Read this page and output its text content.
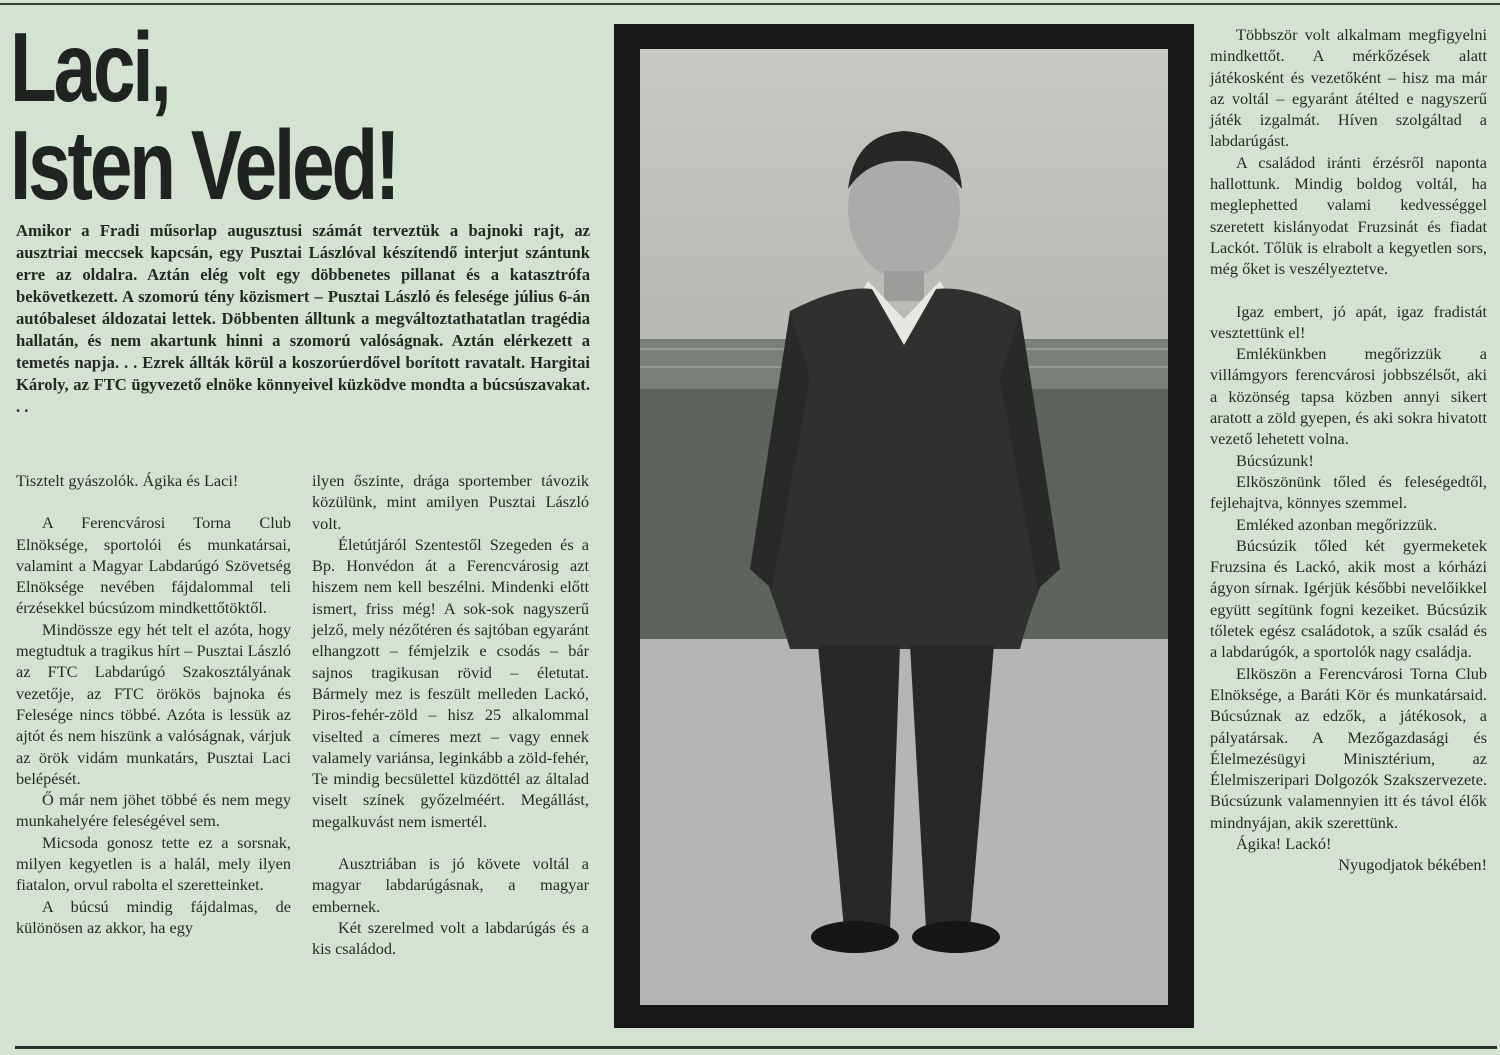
Laci,
Isten Veled!
Amikor a Fradi műsorlap augusztusi számát terveztük a bajnoki rajt, az ausztriai meccsek kapcsán, egy Pusztai Lászlóval készítendő interjut szántunk erre az oldalra. Aztán elég volt egy döbbenetes pillanat és a katasztrófa bekövetkezett. A szomorú tény közismert – Pusztai László és felesége július 6-án autóbaleset áldozatai lettek. Döbbenten álltunk a megváltoztathatatlan tragédia hallatán, és nem akartunk hinni a szomorú valóságnak. Aztán elérkezett a temetés napja. . . Ezrek állták körül a koszorúerdővel borított ravatalt. Hargitai Károly, az FTC ügyvezető elnöke könnyeivel küzködve mondta a búcsúszavakat. . .

Tisztelt gyászolók. Ágika és Laci!

A Ferencvárosi Torna Club Elnöksége, sportolói és munkatársai, valamint a Magyar Labdarúgó Szövetség Elnöksége nevében fájdalommal teli érzésekkel búcsúzom mindkettőtöktől.

Mindössze egy hét telt el azóta, hogy megtudtuk a tragikus hírt – Pusztai László az FTC Labdarúgó Szakosztályának vezetője, az FTC örökös bajnoka és Felesége nincs többé. Azóta is lessük az ajtót és nem hiszünk a valóságnak, várjuk az örök vidám munkatárs, Pusztai Laci belépését.

Ő már nem jöhet többé és nem megy munkahelyére feleségével sem.

Micsoda gonosz tette ez a sorsnak, milyen kegyetlen is a halál, mely ilyen fiatalon, orvul rabolta el szeretteinket.

A búcsú mindig fájdalmas, de különösen az akkor, ha egy

ilyen őszinte, drága sportember távozik közülünk, mint amilyen Pusztai László volt.

Életútjáról Szentestől Szegeden és a Bp. Honvédon át a Ferencvárosig azt hiszem nem kell beszélni. Mindenki előtt ismert, friss még! A sok-sok nagyszerű jelző, mely nézőtéren és sajtóban egyaránt elhangzott – fémjelzik e csodás – bár sajnos tragikusan rövid – életutat. Bármely mez is feszült melleden Lackó, Piros-fehér-zöld – hisz 25 alkalommal viselted a címeres mezt – vagy ennek valamely variánsa, leginkább a zöld-fehér, Te mindig becsülettel küzdöttél az általad viselt színek győzelméért. Megállást, megalkuvást nem ismertél.

Ausztriában is jó követe voltál a magyar labdarúgásnak, a magyar embernek.

Két szerelmed volt a labdarúgás és a kis családod.

Többször volt alkalmam megfigyelni mindkettőt. A mérkőzések alatt játékosként és vezetőként – hisz ma már az voltál – egyaránt átélted e nagyszerű játék izgalmát. Híven szolgáltad a labdarúgást.

A családod iránti érzésről naponta hallottunk. Mindig boldog voltál, ha meglephetted valami kedvességgel szeretett kislányodat Fruzsinát és fiadat Lackót. Tőlük is elrabolt a kegyetlen sors, még őket is veszélyeztetve.

Igaz embert, jó apát, igaz fradistát vesztettünk el!

Emlékünkben megőrizzük a villámgyors ferencvárosi jobbszélsőt, aki a közönség tapsa közben annyi sikert aratott a zöld gyepen, és aki sokra hivatott vezető lehetett volna.

Búcsúzunk!

Elköszönünk tőled és feleségedtől, fejlehajtva, könnyes szemmel.

Emléked azonban megőrizzük.

Búcsúzik tőled két gyermeketek Fruzsina és Lackó, akik most a kórházi ágyon sírnak. Igérjük későbbi nevelőikkel együtt segítünk fogni kezeiket. Búcsúzik tőletek egész családotok, a szűk család és a labdarúgók, a sportolók nagy családja.

Elköszön a Ferencvárosi Torna Club Elnöksége, a Baráti Kör és munkatársaid. Búcsúznak az edzők, a játékosok, a pályatársak. A Mezőgazdasági és Élelmezésügyi Minisztérium, az Élelmiszeripari Dolgozók Szakszervezete. Búcsúzunk valamennyien itt és távol élők mindnyájan, akik szerettünk.

Ágika! Lackó!

Nyugodjatok békében!
